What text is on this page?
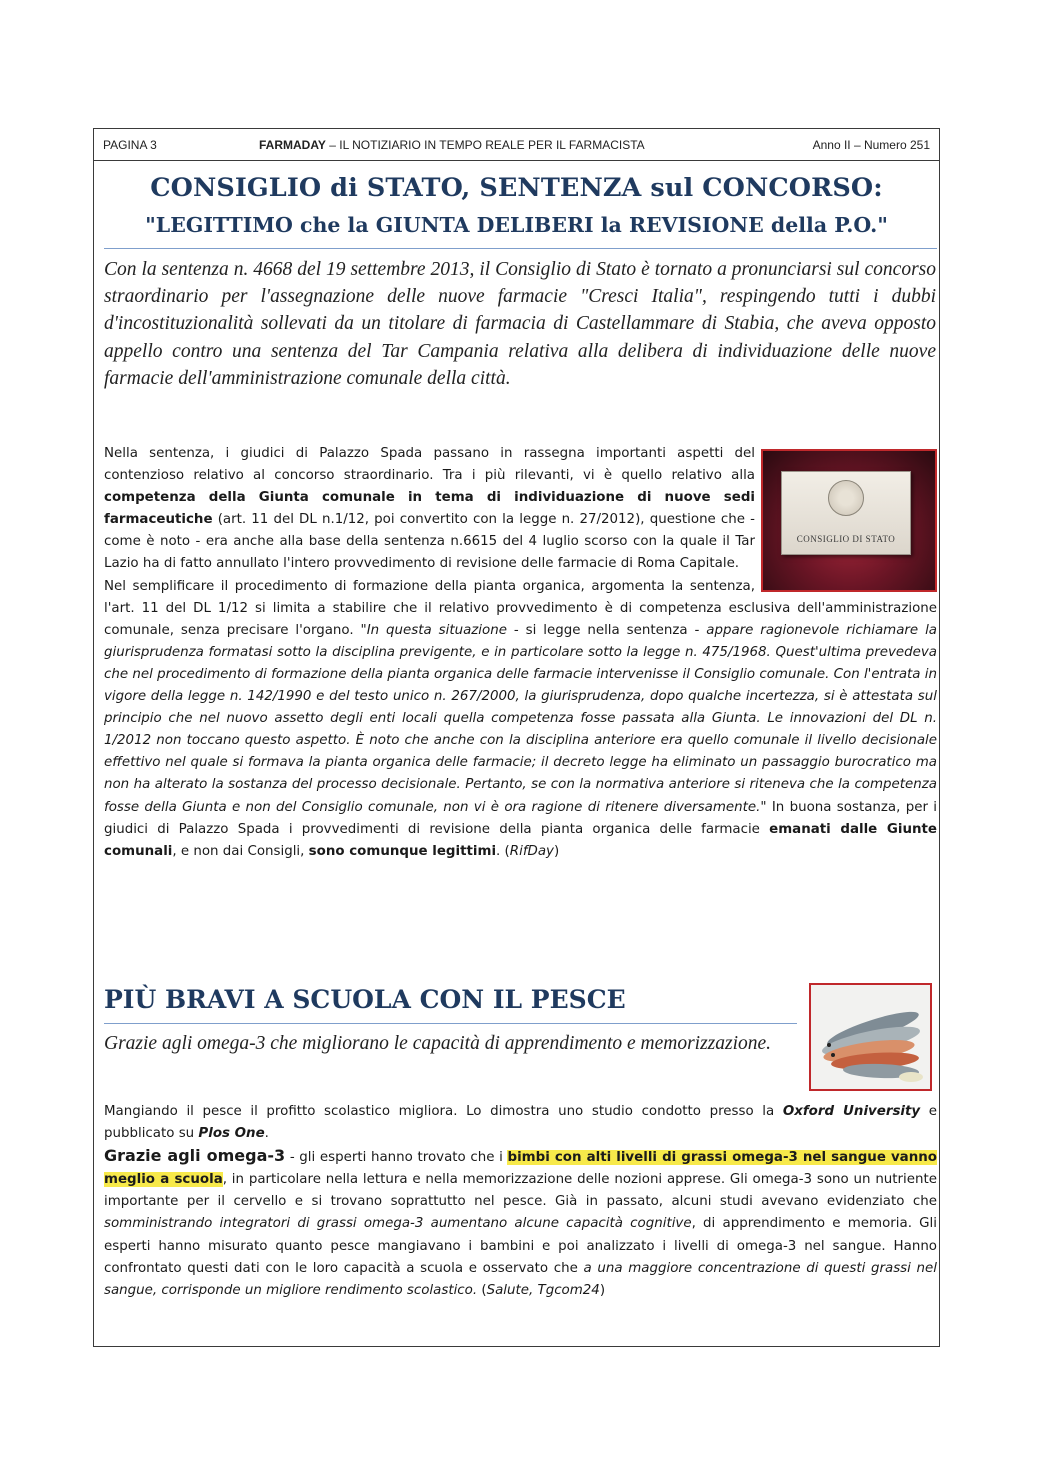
PAGINA 3	FARMADAY – IL NOTIZIARIO IN TEMPO REALE PER IL FARMACISTA	Anno II – Numero 251
CONSIGLIO di STATO, SENTENZA sul CONCORSO:
"LEGITTIMO che la GIUNTA DELIBERI la REVISIONE della P.O."
Con la sentenza n. 4668 del 19 settembre 2013, il Consiglio di Stato è tornato a pronunciarsi sul concorso straordinario per l'assegnazione delle nuove farmacie "Cresci Italia", respingendo tutti i dubbi d'incostituzionalità sollevati da un titolare di farmacia di Castellammare di Stabia, che aveva opposto appello contro una sentenza del Tar Campania relativa alla delibera di individuazione delle nuove farmacie dell'amministrazione comunale della città.
CONSIGLIO DI STATO

Nella sentenza, i giudici di Palazzo Spada passano in rassegna importanti aspetti del contenzioso relativo al concorso straordinario. Tra i più rilevanti, vi è quello relativo alla competenza della Giunta comunale in tema di individuazione di nuove sedi farmaceutiche (art. 11 del DL n.1/12, poi convertito con la legge n. 27/2012), questione che - come è noto - era anche alla base della sentenza n.6615 del 4 luglio scorso con la quale il Tar Lazio ha di fatto annullato l'intero provvedimento di revisione delle farmacie di Roma Capitale.

Nel semplificare il procedimento di formazione della pianta organica, argomenta la sentenza, l'art. 11 del DL 1/12 si limita a stabilire che il relativo provvedimento è di competenza esclusiva dell'amministrazione comunale, senza precisare l'organo. "In questa situazione - si legge nella sentenza - appare ragionevole richiamare la giurisprudenza formatasi sotto la disciplina previgente, e in particolare sotto la legge n. 475/1968. Quest'ultima prevedeva che nel procedimento di formazione della pianta organica delle farmacie intervenisse il Consiglio comunale. Con l'entrata in vigore della legge n. 142/1990 e del testo unico n. 267/2000, la giurisprudenza, dopo qualche incertezza, si è attestata sul principio che nel nuovo assetto degli enti locali quella competenza fosse passata alla Giunta. Le innovazioni del DL n. 1/2012 non toccano questo aspetto. È noto che anche con la disciplina anteriore era quello comunale il livello decisionale effettivo nel quale si formava la pianta organica delle farmacie; il decreto legge ha eliminato un passaggio burocratico ma non ha alterato la sostanza del processo decisionale. Pertanto, se con la normativa anteriore si riteneva che la competenza fosse della Giunta e non del Consiglio comunale, non vi è ora ragione di ritenere diversamente." In buona sostanza, per i giudici di Palazzo Spada i provvedimenti di revisione della pianta organica delle farmacie emanati dalle Giunte comunali, e non dai Consigli, sono comunque legittimi. (RifDay)

PIÙ BRAVI A SCUOLA CON IL PESCE
Grazie agli omega-3 che migliorano le capacità di apprendimento e memorizzazione.

Mangiando il pesce il profitto scolastico migliora. Lo dimostra uno studio condotto presso la Oxford University e pubblicato su Plos One.

Grazie agli omega-3 - gli esperti hanno trovato che i bimbi con alti livelli di grassi omega-3 nel sangue vanno meglio a scuola, in particolare nella lettura e nella memorizzazione delle nozioni apprese. Gli omega-3 sono un nutriente importante per il cervello e si trovano soprattutto nel pesce. Già in passato, alcuni studi avevano evidenziato che somministrando integratori di grassi omega-3 aumentano alcune capacità cognitive, di apprendimento e memoria. Gli esperti hanno misurato quanto pesce mangiavano i bambini e poi analizzato i livelli di omega-3 nel sangue. Hanno confrontato questi dati con le loro capacità a scuola e osservato che a una maggiore concentrazione di questi grassi nel sangue, corrisponde un migliore rendimento scolastico. (Salute, Tgcom24)
